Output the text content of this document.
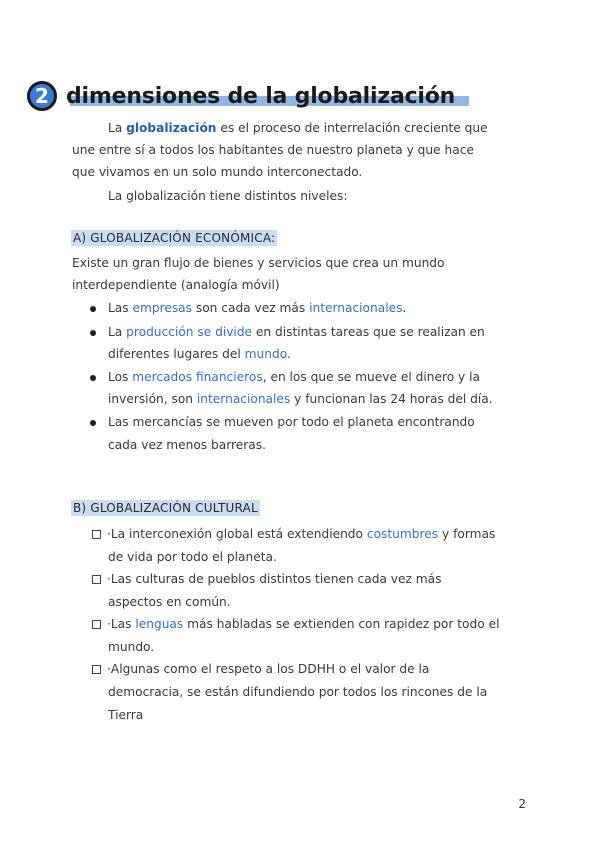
2 dimensiones de la globalización
La globalización es el proceso de interrelación creciente que
une entre sí a todos los habitantes de nuestro planeta y que hace
que vivamos en un solo mundo interconectado.
La globalización tiene distintos niveles:
A) GLOBALIZACIÓN ECONÓMICA:
Existe un gran flujo de bienes y servicios que crea un mundo
interdependiente (analogía móvil)
Las empresas son cada vez más internacionales.
La producción se divide en distintas tareas que se realizan en
diferentes lugares del mundo.
Los mercados financieros, en los que se mueve el dinero y la
inversión, son internacionales y funcionan las 24 horas del día.
Las mercancías se mueven por todo el planeta encontrando
cada vez menos barreras.
B) GLOBALIZACIÓN CULTURAL
·La interconexión global está extendiendo costumbres y formas
de vida por todo el planeta.
·Las culturas de pueblos distintos tienen cada vez más
aspectos en común.
·Las lenguas más habladas se extienden con rapidez por todo el
mundo.
·Algunas como el respeto a los DDHH o el valor de la
democracia, se están difundiendo por todos los rincones de la
Tierra
2
